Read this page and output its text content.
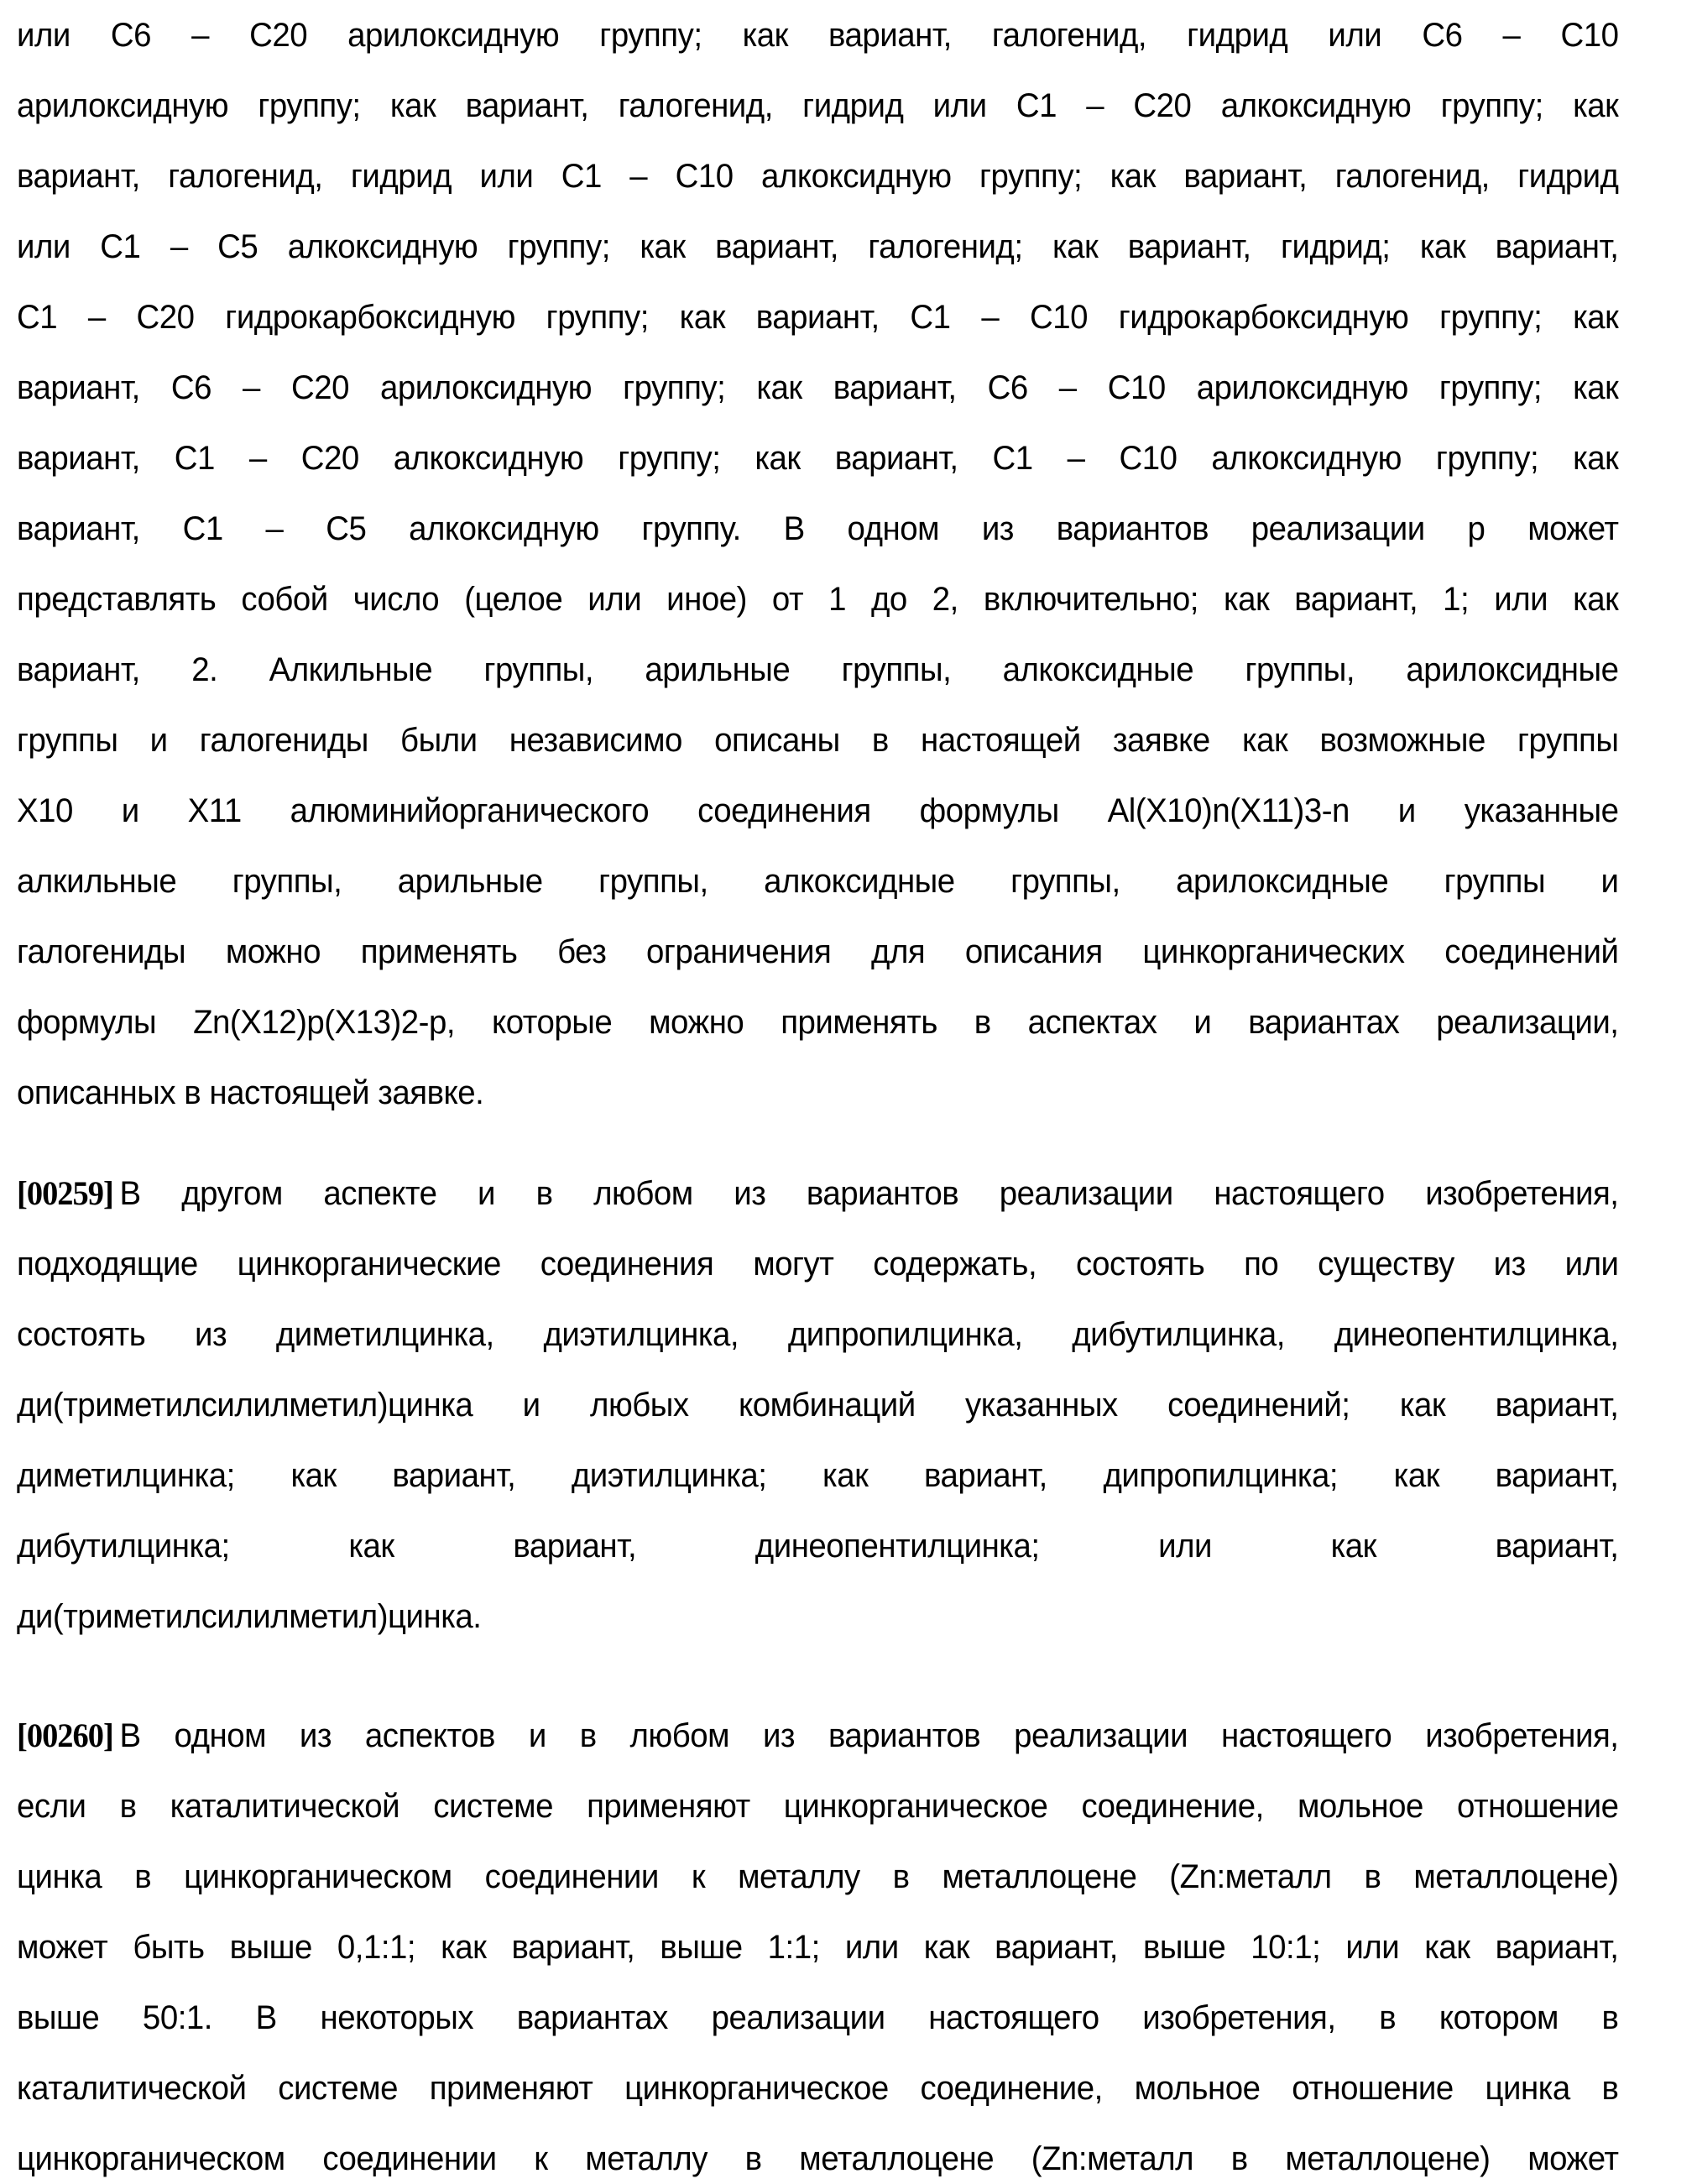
или C6 – C20 арилоксидную группу; как вариант, галогенид, гидрид или C6 – C10
арилоксидную группу; как вариант, галогенид, гидрид или C1 – C20 алкоксидную группу; как
вариант, галогенид, гидрид или C1 – C10 алкоксидную группу; как вариант, галогенид, гидрид
или C1 – C5 алкоксидную группу; как вариант, галогенид; как вариант, гидрид; как вариант,
C1 – C20 гидрокарбоксидную группу; как вариант, C1 – C10 гидрокарбоксидную группу; как
вариант, C6 – C20 арилоксидную группу; как вариант, C6 – C10 арилоксидную группу; как
вариант, C1 – C20 алкоксидную группу; как вариант, C1 – C10 алкоксидную группу; как
вариант, C1 – C5 алкоксидную группу. В одном из вариантов реализации p может
представлять собой число (целое или иное) от 1 до 2, включительно; как вариант, 1; или как
вариант, 2. Алкильные группы, арильные группы, алкоксидные группы, арилоксидные
группы и галогениды были независимо описаны в настоящей заявке как возможные группы
X10 и X11 алюминийорганического соединения формулы Al(X10)n(X11)3-n и указанные
алкильные группы, арильные группы, алкоксидные группы, арилоксидные группы и
галогениды можно применять без ограничения для описания цинкорганических соединений
формулы Zn(X12)p(X13)2-p, которые можно применять в аспектах и вариантах реализации,
описанных в настоящей заявке.
[00259] В другом аспекте и в любом из вариантов реализации настоящего изобретения,
подходящие цинкорганические соединения могут содержать, состоять по существу из или
состоять из диметилцинка, диэтилцинка, дипропилцинка, дибутилцинка, динеопентилцинка,
ди(триметилсилилметил)цинка и любых комбинаций указанных соединений; как вариант,
диметилцинка; как вариант, диэтилцинка; как вариант, дипропилцинка; как вариант,
дибутилцинка; как вариант, динеопентилцинка; или как вариант,
ди(триметилсилилметил)цинка.
[00260] В одном из аспектов и в любом из вариантов реализации настоящего изобретения,
если в каталитической системе применяют цинкорганическое соединение, мольное отношение
цинка в цинкорганическом соединении к металлу в металлоцене (Zn:металл в металлоцене)
может быть выше 0,1:1; как вариант, выше 1:1; или как вариант, выше 10:1; или как вариант,
выше 50:1. В некоторых вариантах реализации настоящего изобретения, в котором в
каталитической системе применяют цинкорганическое соединение, мольное отношение цинка в
цинкорганическом соединении к металлу в металлоцене (Zn:металл в металлоцене) может
